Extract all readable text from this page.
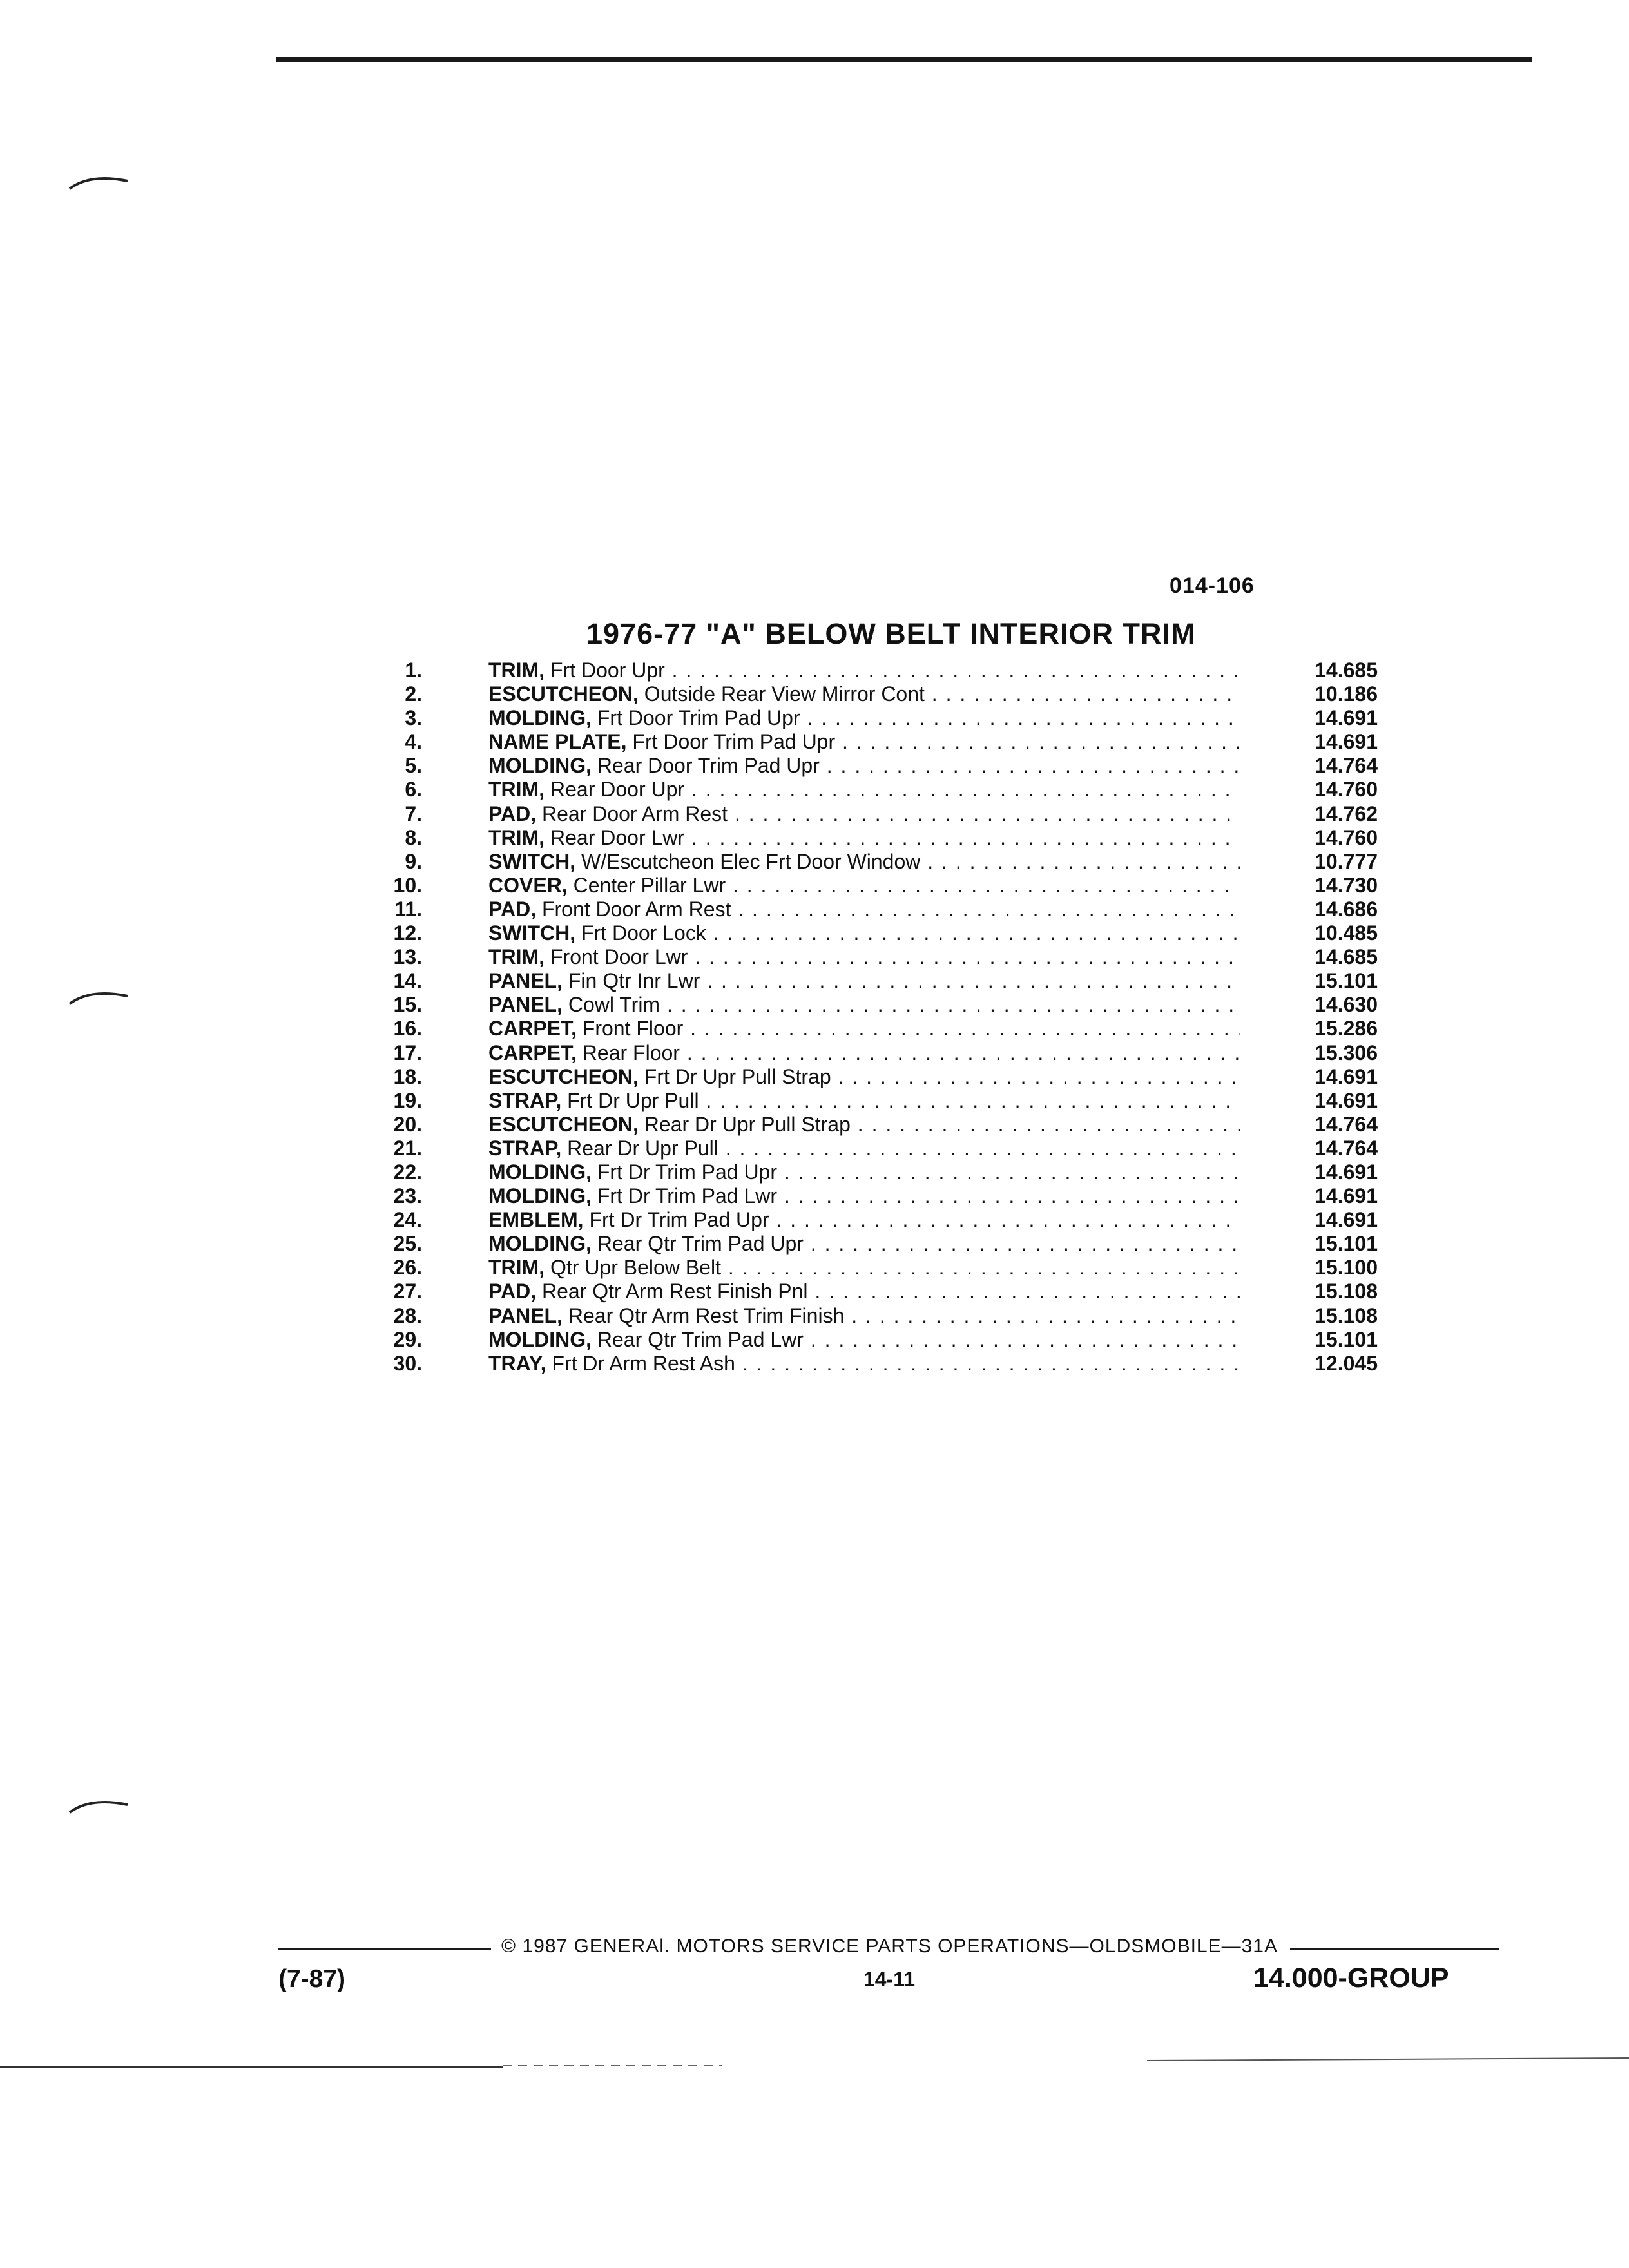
014-106
1976-77 "A" BELOW BELT INTERIOR TRIM
1.	TRIM, Frt Door Upr . . .	14.685
2.	ESCUTCHEON, Outside Rear View Mirror Cont . . .	10.186
3.	MOLDING, Frt Door Trim Pad Upr . . .	14.691
4.	NAME PLATE, Frt Door Trim Pad Upr . . .	14.691
5.	MOLDING, Rear Door Trim Pad Upr . . .	14.764
6.	TRIM, Rear Door Upr . . .	14.760
7.	PAD, Rear Door Arm Rest . . .	14.762
8.	TRIM, Rear Door Lwr . . .	14.760
9.	SWITCH, W/Escutcheon Elec Frt Door Window . . .	10.777
10.	COVER, Center Pillar Lwr . . .	14.730
11.	PAD, Front Door Arm Rest . . .	14.686
12.	SWITCH, Frt Door Lock . . .	10.485
13.	TRIM, Front Door Lwr . . .	14.685
14.	PANEL, Fin Qtr Inr Lwr . . .	15.101
15.	PANEL, Cowl Trim . . .	14.630
16.	CARPET, Front Floor . . .	15.286
17.	CARPET, Rear Floor . . .	15.306
18.	ESCUTCHEON, Frt Dr Upr Pull Strap . . .	14.691
19.	STRAP, Frt Dr Upr Pull . . .	14.691
20.	ESCUTCHEON, Rear Dr Upr Pull Strap . . .	14.764
21.	STRAP, Rear Dr Upr Pull . . .	14.764
22.	MOLDING, Frt Dr Trim Pad Upr . . .	14.691
23.	MOLDING, Frt Dr Trim Pad Lwr . . .	14.691
24.	EMBLEM, Frt Dr Trim Pad Upr . . .	14.691
25.	MOLDING, Rear Qtr Trim Pad Upr . . .	15.101
26.	TRIM, Qtr Upr Below Belt . . .	15.100
27.	PAD, Rear Qtr Arm Rest Finish Pnl . . .	15.108
28.	PANEL, Rear Qtr Arm Rest Trim Finish . . .	15.108
29.	MOLDING, Rear Qtr Trim Pad Lwr . . .	15.101
30.	TRAY, Frt Dr Arm Rest Ash . . .	12.045
© 1987 GENERAl. MOTORS SERVICE PARTS OPERATIONS—OLDSMOBILE—31A
(7-87)	14-11	14.000-GROUP
